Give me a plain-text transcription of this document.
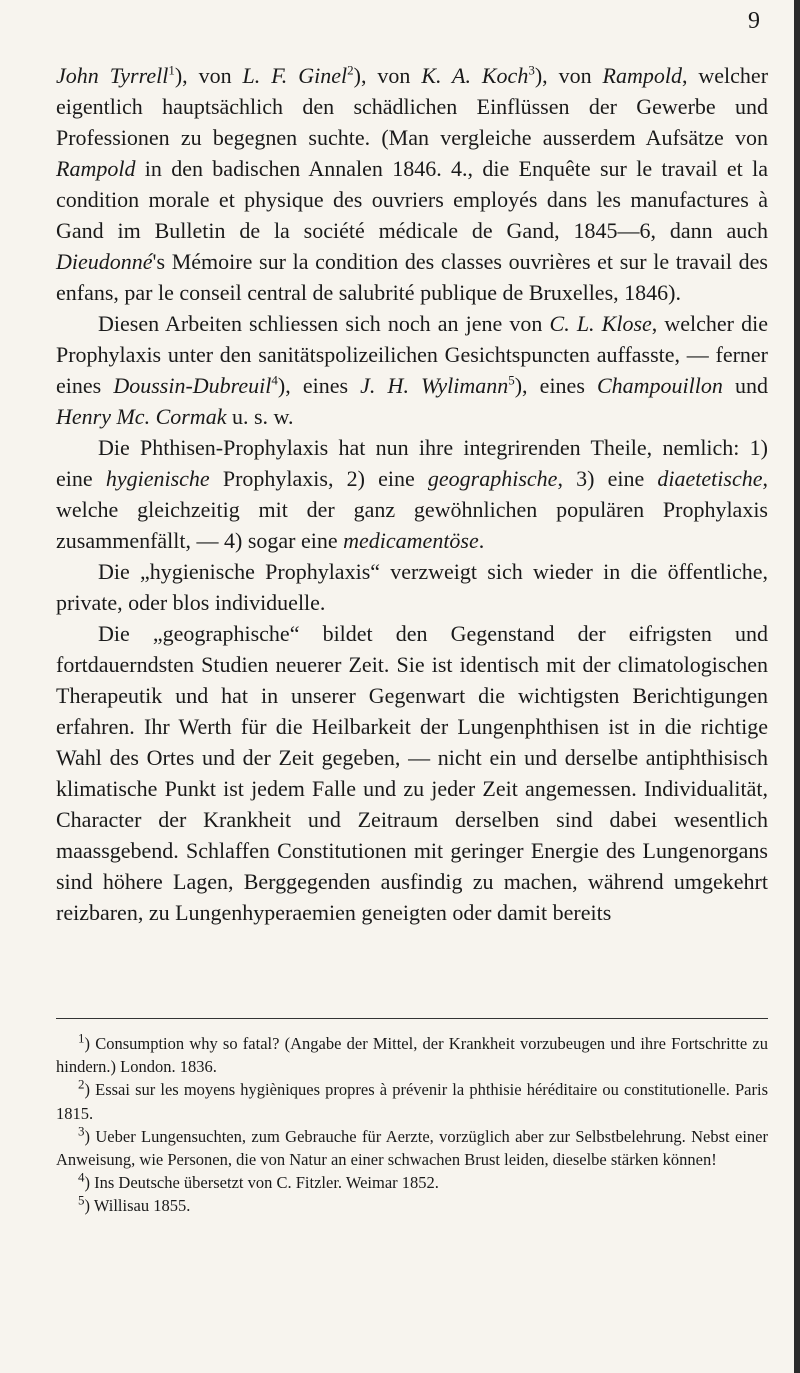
9

John Tyrrell$^1$), von L. F. Ginel$^2$), von K. A. Koch$^3$), von Rampold, welcher eigentlich hauptsächlich den schädlichen Einflüssen der Gewerbe und Professionen zu begegnen suchte. (Man vergleiche ausserdem Aufsätze von Rampold in den badischen Annalen 1846. 4., die Enquête sur le travail et la condition morale et physique des ouvriers employés dans les manufactures à Gand im Bulletin de la société médicale de Gand, 1845—6, dann auch Dieudonné's Mémoire sur la condition des classes ouvrières et sur le travail des enfans, par le conseil central de salubrité publique de Bruxelles, 1846).

Diesen Arbeiten schliessen sich noch an jene von C. L. Klose, welcher die Prophylaxis unter den sanitätspolizeilichen Gesichtspuncten auffasste, — ferner eines Doussin-Dubreuil$^4$), eines J. H. Wylimann$^5$), eines Champouillon und Henry Mc. Cormak u. s. w.

Die Phthisen-Prophylaxis hat nun ihre integrirenden Theile, nemlich: 1) eine hygienische Prophylaxis, 2) eine geographische, 3) eine diaetetische, welche gleichzeitig mit der ganz gewöhnlichen populären Prophylaxis zusammenfällt, — 4) sogar eine medicamentöse.

Die „hygienische Prophylaxis“ verzweigt sich wieder in die öffentliche, private, oder blos individuelle.

Die „geographische“ bildet den Gegenstand der eifrigsten und fortdauerndsten Studien neuerer Zeit. Sie ist identisch mit der climatologischen Therapeutik und hat in unserer Gegenwart die wichtigsten Berichtigungen erfahren. Ihr Werth für die Heilbarkeit der Lungenphthisen ist in die richtige Wahl des Ortes und der Zeit gegeben, — nicht ein und derselbe antiphthisisch klimatische Punkt ist jedem Falle und zu jeder Zeit angemessen. Individualität, Character der Krankheit und Zeitraum derselben sind dabei wesentlich maassgebend. Schlaffen Constitutionen mit geringer Energie des Lungenorgans sind höhere Lagen, Berggegenden ausfindig zu machen, während umgekehrt reizbaren, zu Lungenhyperaemien geneigten oder damit bereits

$^1$) Consumption why so fatal? (Angabe der Mittel, der Krankheit vorzubeugen und ihre Fortschritte zu hindern.) London. 1836.

$^2$) Essai sur les moyens hygièniques propres à prévenir la phthisie héréditaire ou constitutionelle. Paris 1815.

$^3$) Ueber Lungensuchten, zum Gebrauche für Aerzte, vorzüglich aber zur Selbstbelehrung. Nebst einer Anweisung, wie Personen, die von Natur an einer schwachen Brust leiden, dieselbe stärken können!

$^4$) Ins Deutsche übersetzt von C. Fitzler. Weimar 1852.

$^5$) Willisau 1855.
